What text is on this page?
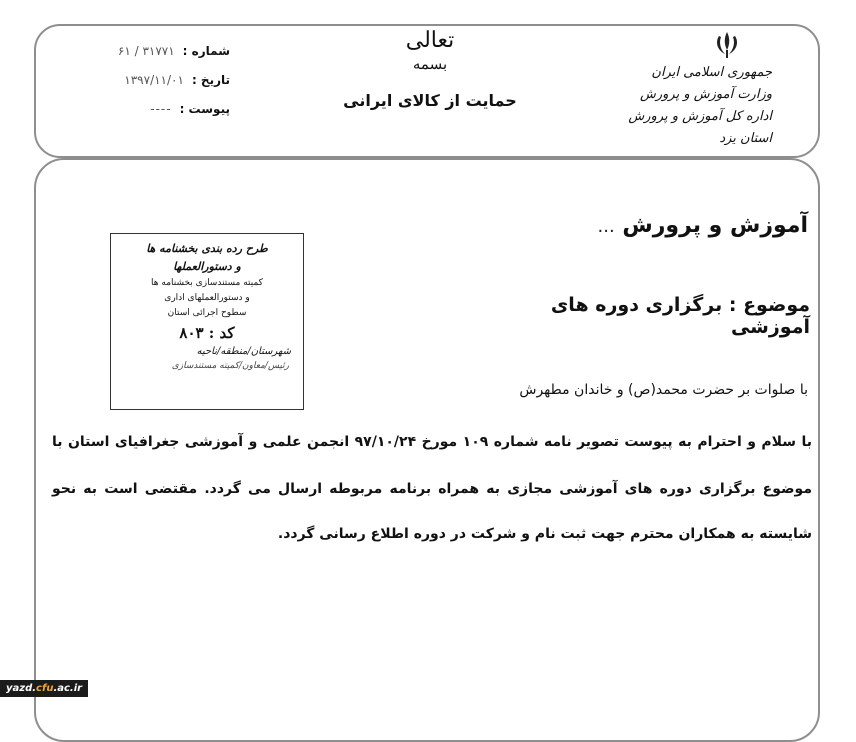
شماره :
۳۱۷۷۱ / ۶۱
تاریخ :
۱۳۹۷/۱۱/۰۱
پیوست :
----
تعالی
بسمه
حمایت از کالای ایرانی
جمهوری اسلامی ایران
وزارت آموزش و پرورش
اداره کل آموزش و پرورش استان یزد
آموزش و پرورش ...
موضوع : برگزاری دوره های آموزشی
با صلوات بر حضرت محمد(ص) و خاندان مطهرش
با سلام و احترام به پیوست تصویر نامه شماره ۱۰۹ مورخ ۹۷/۱۰/۲۴ انجمن علمی و آموزشی جغرافیای استان با
موضوع برگزاری دوره های آموزشی مجازی به همراه برنامه مربوطه ارسال می گردد. مقتضی است به نحو
شایسته به همکاران محترم جهت ثبت نام و شرکت در دوره اطلاع رسانی گردد.
طرح رده بندی بخشنامه ها
و دستورالعملها
کمیته مستندسازی بخشنامه ها
و دستورالعملهای اداری
سطوح اجرائی استان
کد : ۸۰۳
شهرستان/منطقه/ناحیه
رئیس/معاون/کمیته مستندسازی
yazd.cfu.ac.ir
